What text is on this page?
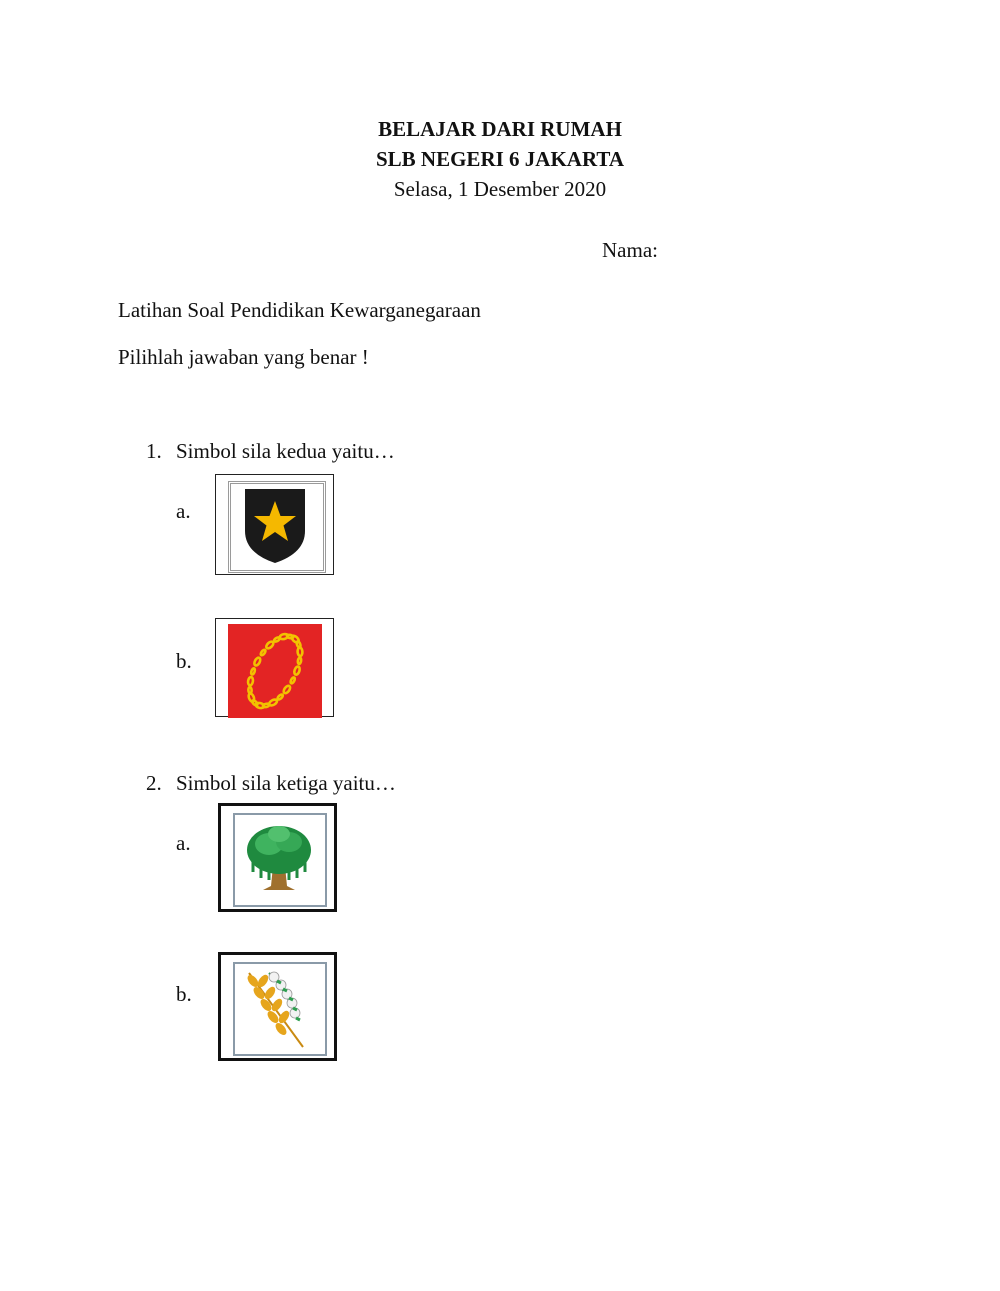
BELAJAR DARI RUMAH
SLB NEGERI 6 JAKARTA
Selasa, 1 Desember 2020
Nama:
Latihan Soal Pendidikan Kewarganegaraan
Pilihlah jawaban yang benar !
1. Simbol sila kedua yaitu…
a.
b.
2. Simbol sila ketiga yaitu…
a.
b.
